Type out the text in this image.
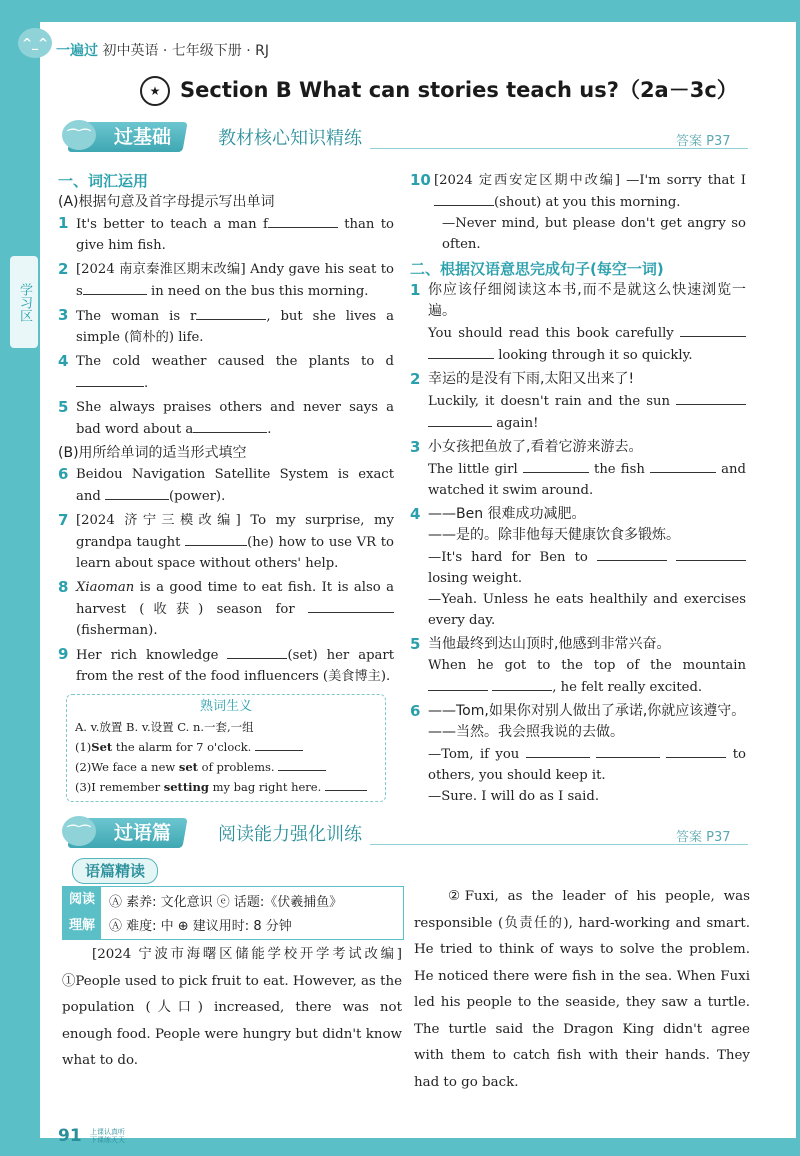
学习区
^_^ 一遍过 初中英语 · 七年级下册 · RJ
★ Section B What can stories teach us?（2a－3c）
过基础	教材核心知识精练	答案 P37
⌒⌒
一、词汇运用
(A)根据句意及首字母提示写出单词
1 It's better to teach a man f	than to give him fish.
2 [2024 南京秦淮区期末改编] Andy gave his seat to s	in need on the bus this morning.
3 The woman is r	, but she lives a simple (简朴的) life.
4 The cold weather caused the plants to d.
5 She always praises others and never says a bad word about a	.
(B)用所给单词的适当形式填空
6 Beidou Navigation Satellite System is exact and	(power).
7 [2024 济宁三模改编] To my surprise, my grandpa taught	(he) how to use VR to learn about space without others' help.
8 Xiaoman is a good time to eat fish. It is also a harvest (收获) season for (fisherman).
9 Her rich knowledge	(set) her apart from the rest of the food influencers (美食博主).
熟词生义
A. v.放置 B. v.设置 C. n.一套,一组
(1)Set the alarm for 7 o'clock.
(2)We face a new set of problems.
(3)I remember setting my bag right here.
10 [2024 定西安定区期中改编] —I'm sorry that I (shout) at you this morning.
—Never mind, but please don't get angry so often.
二、根据汉语意思完成句子(每空一词)
1 你应该仔细阅读这本书,而不是就这么快速浏览一遍。
You should read this book carefully   looking through it so quickly.
2 幸运的是没有下雨,太阳又出来了!
Luckily, it doesn't rain and the sun   again!
3 小女孩把鱼放了,看着它游来游去。
The little girl	the fish	and watched it swim around.
4 ——Ben 很难成功减肥。
——是的。除非他每天健康饮食多锻炼。
—It's hard for Ben to   losing weight.
—Yeah. Unless he eats healthily and exercises every day.
5 当他最终到达山顶时,他感到非常兴奋。
When he got to the top of the mountain  , he felt really excited.
6 ——Tom,如果你对别人做出了承诺,你就应该遵守。
——当然。我会照我说的去做。
—Tom, if you	to others, you should keep it.
—Sure. I will do as I said.
过语篇	阅读能力强化训练	答案 P37
⌒⌒
语篇精读
阅读
理解
Ⓐ 素养: 文化意识 ⓔ 话题:《伏羲捕鱼》
Ⓐ 难度: 中 ⊕ 建议用时: 8 分钟
[2024 宁波市海曙区储能学校开学考试改编] ①People used to pick fruit to eat. However, as the population (人口) increased, there was not enough food. People were hungry but didn't know what to do.
②Fuxi, as the leader of his people, was responsible (负责任的), hard-working and smart. He tried to think of ways to solve the problem. He noticed there were fish in the sea. When Fuxi led his people to the seaside, they saw a turtle. The turtle said the Dragon King didn't agree with them to catch fish with their hands. They had to go back.
91 上课认真听
下课练天天
